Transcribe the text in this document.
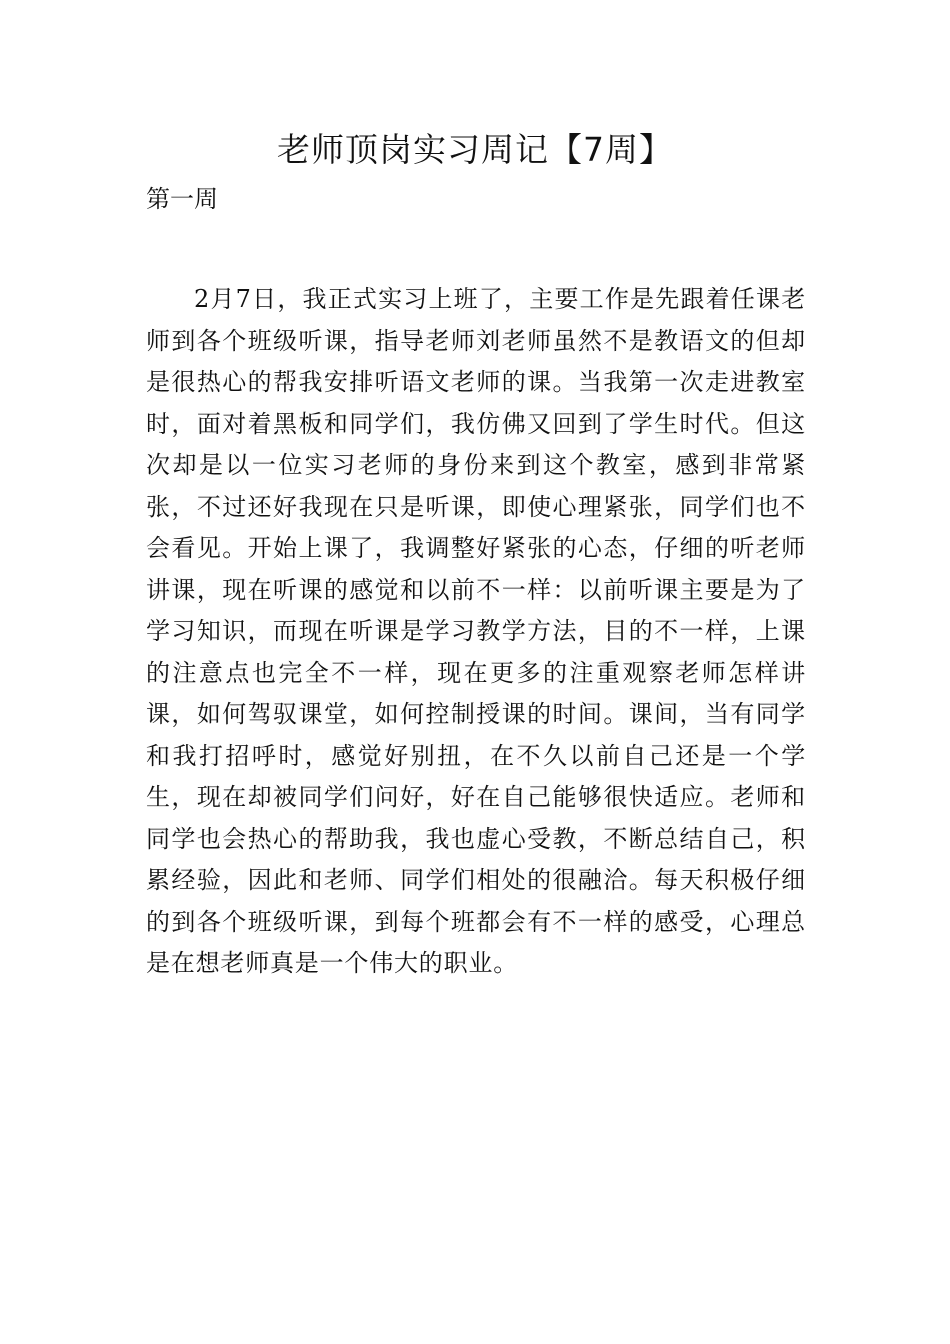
老师顶岗实习周记【7周】
第一周

2月7日，我正式实习上班了，主要工作是先跟着任课老师到各个班级听课，指导老师刘老师虽然不是教语文的但却是很热心的帮我安排听语文老师的课。当我第一次走进教室时，面对着黑板和同学们，我仿佛又回到了学生时代。但这次却是以一位实习老师的身份来到这个教室，感到非常紧张，不过还好我现在只是听课，即使心理紧张，同学们也不会看见。开始上课了，我调整好紧张的心态，仔细的听老师讲课，现在听课的感觉和以前不一样：以前听课主要是为了学习知识，而现在听课是学习教学方法，目的不一样，上课的注意点也完全不一样，现在更多的注重观察老师怎样讲课，如何驾驭课堂，如何控制授课的时间。课间，当有同学和我打招呼时，感觉好别扭，在不久以前自己还是一个学生，现在却被同学们问好，好在自己能够很快适应。老师和同学也会热心的帮助我，我也虚心受教，不断总结自己，积累经验，因此和老师、同学们相处的很融洽。每天积极仔细的到各个班级听课，到每个班都会有不一样的感受，心理总是在想老师真是一个伟大的职业。
